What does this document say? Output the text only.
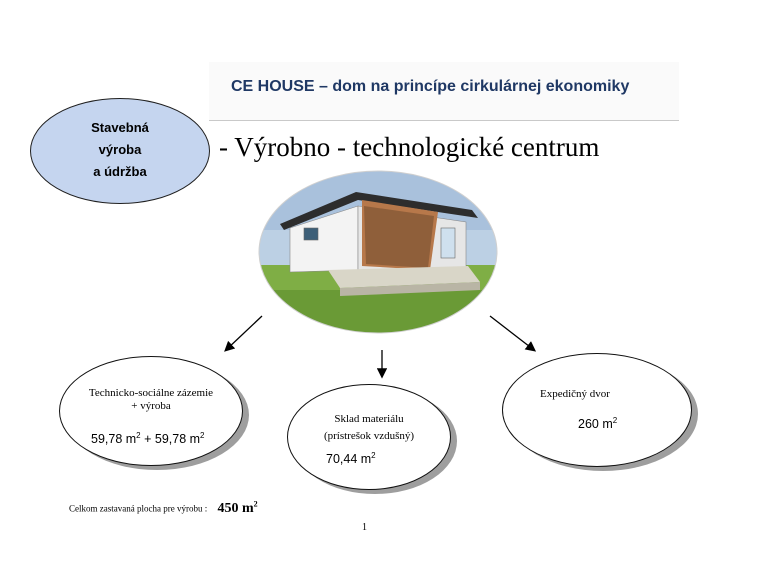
CE HOUSE – dom na princípe cirkulárnej ekonomiky
Stavebná
výroba
a údržba
- Výrobno - technologické centrum
Technicko-sociálne zázemie
+ výroba
59,78 $m^2 + 59,78$ $m^2$
Sklad materiálu
(prístrešok vzdušný)
70,44 $m^2$
Expedičný dvor
260 $m^2$
Celkom zastavaná plocha pre výrobu : 450 $m^2$
1
